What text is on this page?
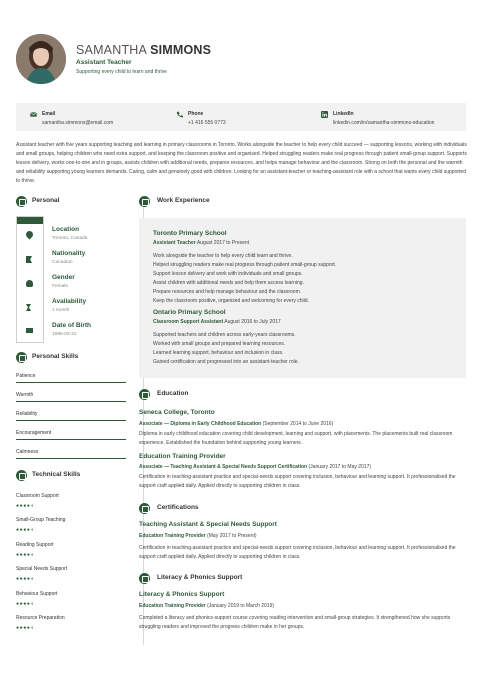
SAMANTHA SIMMONS
Assistant Teacher
Supporting every child to learn and thrive
Email
samantha.simmons@email.com
Phone
+1 416 555 0773
LinkedIn
linkedin.com/in/samantha-simmons-education
Assistant teacher with five years supporting teaching and learning in primary classrooms in Toronto. Works alongside the teacher to help every child succeed — supporting lessons, working with individuals and small groups, helping children who need extra support, and keeping the classroom positive and organised. Helped struggling readers make real progress through patient small-group support. Supports lesson delivery, works one-to-one and in groups, assists children with additional needs, prepares resources, and helps manage behaviour and the classroom. Strong on both the personal and the warmth and reliability supporting young learners demands. Caring, calm and genuinely good with children. Looking for an assistant-teacher or teaching-assistant role with a school that wants every child supported to thrive.
Personal
Location
Toronto, Canada
Nationality
Canadian
Gender
Female
Availability
1 month
Date of Birth
1995-03-22
Personal Skills
Patience
Warmth
Reliability
Encouragement
Calmness
Technical Skills
Classroom Support
●●●●◖
Small-Group Teaching
●●●●◖
Reading Support
●●●●◖
Special Needs Support
●●●●◖
Behaviour Support
●●●●◖
Resource Preparation
●●●●◖
Work Experience
Toronto Primary School
Assistant Teacher August 2017 to Present
Work alongside the teacher to help every child learn and thrive.
Helped struggling readers make real progress through patient small-group support.
Support lesson delivery and work with individuals and small groups.
Assist children with additional needs and help them access learning.
Prepare resources and help manage behaviour and the classroom.
Keep the classroom positive, organised and welcoming for every child.
Ontario Primary School
Classroom Support Assistant August 2016 to July 2017
Supported teachers and children across early-years classrooms.
Worked with small groups and prepared learning resources.
Learned learning support, behaviour and inclusion in class.
Gained certification and progressed into an assistant-teacher role.
Education
Seneca College, Toronto
Associate — Diploma in Early Childhood Education (September 2014 to June 2016)
Diploma in early childhood education covering child development, learning and support, with placements. The placements built real classroom experience. Established the foundation behind supporting young learners.
Education Training Provider
Associate — Teaching Assistant & Special Needs Support Certification (January 2017 to May 2017)
Certification in teaching-assistant practice and special-needs support covering inclusion, behaviour and learning support. It professionalised the support craft applied daily. Applied directly to supporting children in class.
Certifications
Teaching Assistant & Special Needs Support
Education Training Provider (May 2017 to Present)
Certification in teaching-assistant practice and special-needs support covering inclusion, behaviour and learning support. It professionalised the support craft applied daily. Applied directly to supporting children in class.
Literacy & Phonics Support
Literacy & Phonics Support
Education Training Provider (January 2019 to March 2019)
Completed a literacy and phonics-support course covering reading intervention and small-group strategies. It strengthened how she supports struggling readers and improved the progress children make in her groups.
